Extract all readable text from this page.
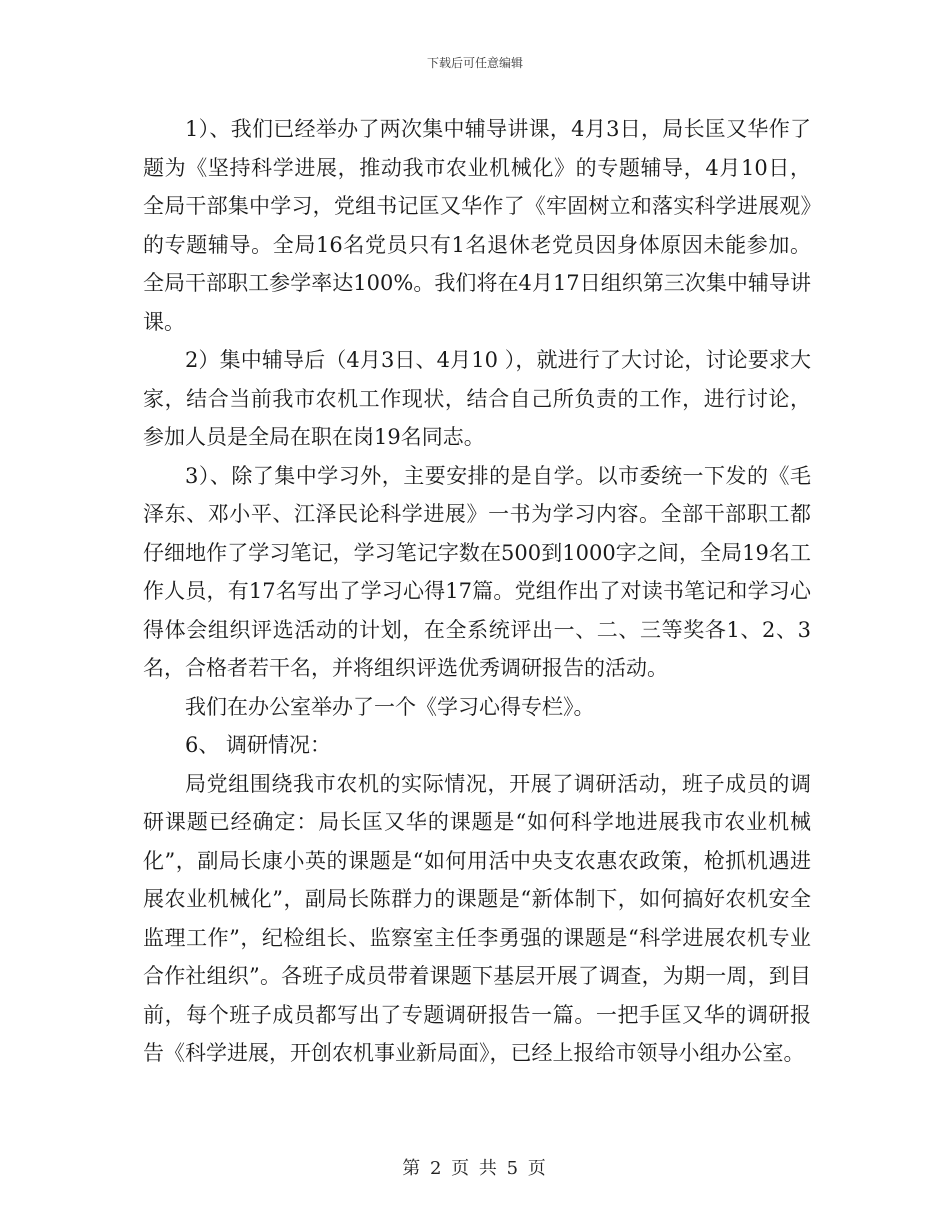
下载后可任意编辑

1）、我们已经举办了两次集中辅导讲课，4月3日，局长匡又华作了题为《坚持科学进展，推动我市农业机械化》的专题辅导，4月10日，全局干部集中学习，党组书记匡又华作了《牢固树立和落实科学进展观》的专题辅导。全局16名党员只有1名退休老党员因身体原因未能参加。全局干部职工参学率达100%。我们将在4月17日组织第三次集中辅导讲课。

2）集中辅导后（4月3日、4月10 ），就进行了大讨论，讨论要求大家，结合当前我市农机工作现状，结合自己所负责的工作，进行讨论，参加人员是全局在职在岗19名同志。

3）、除了集中学习外，主要安排的是自学。以市委统一下发的《毛泽东、邓小平、江泽民论科学进展》一书为学习内容。全部干部职工都仔细地作了学习笔记，学习笔记字数在500到1000字之间，全局19名工作人员，有17名写出了学习心得17篇。党组作出了对读书笔记和学习心得体会组织评选活动的计划，在全系统评出一、二、三等奖各1、2、3名，合格者若干名，并将组织评选优秀调研报告的活动。

我们在办公室举办了一个《学习心得专栏》。

6、 调研情况：

局党组围绕我市农机的实际情况，开展了调研活动，班子成员的调研课题已经确定：局长匡又华的课题是“如何科学地进展我市农业机械化”，副局长康小英的课题是“如何用活中央支农惠农政策，枪抓机遇进展农业机械化”，副局长陈群力的课题是“新体制下，如何搞好农机安全监理工作”，纪检组长、监察室主任李勇强的课题是“科学进展农机专业合作社组织”。各班子成员带着课题下基层开展了调查，为期一周，到目前，每个班子成员都写出了专题调研报告一篇。一把手匡又华的调研报告《科学进展，开创农机事业新局面》，已经上报给市领导小组办公室。

第 2 页 共 5 页
